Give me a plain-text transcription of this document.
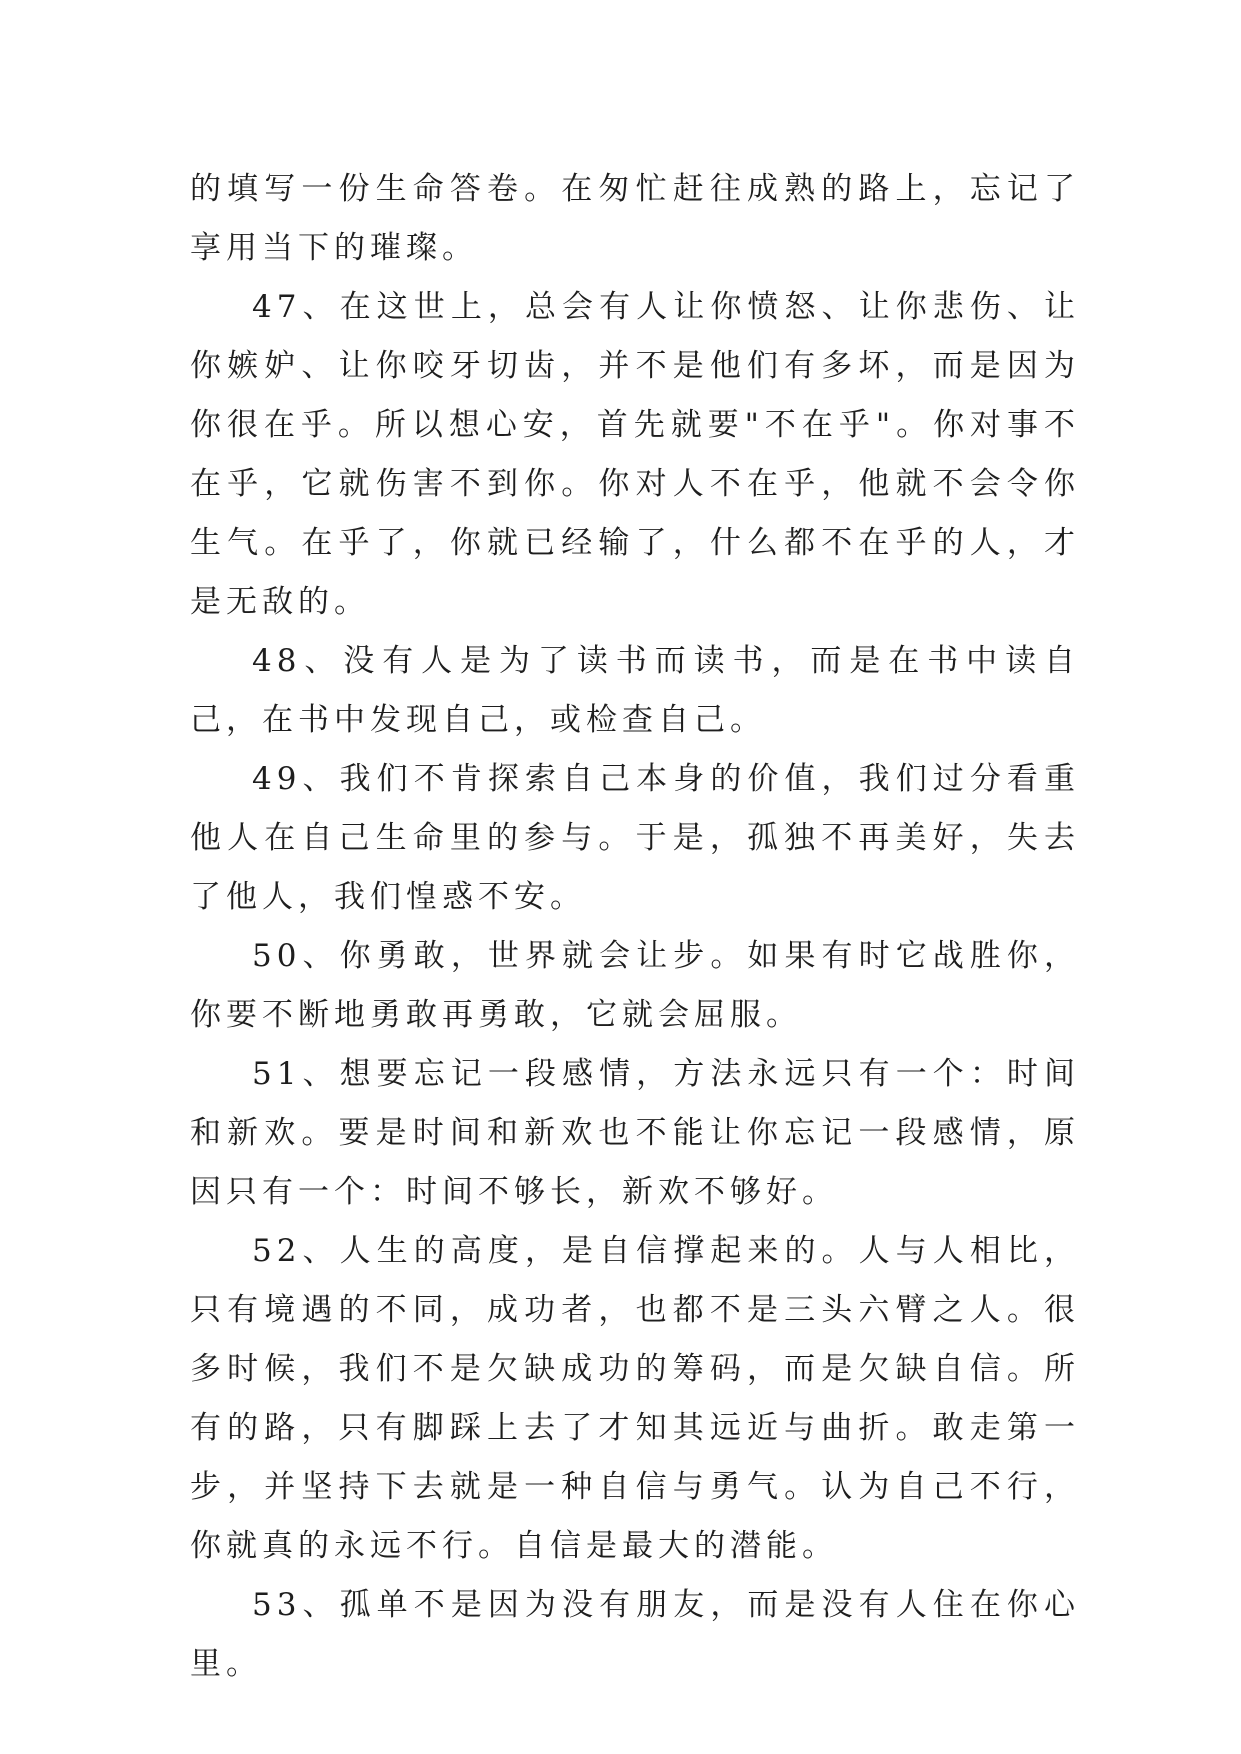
的填写一份生命答卷。在匆忙赶往成熟的路上，忘记了享用当下的璀璨。

47、在这世上，总会有人让你愤怒、让你悲伤、让你嫉妒、让你咬牙切齿，并不是他们有多坏，而是因为你很在乎。所以想心安，首先就要"不在乎"。你对事不在乎，它就伤害不到你。你对人不在乎，他就不会令你生气。在乎了，你就已经输了，什么都不在乎的人，才是无敌的。

48、没有人是为了读书而读书，而是在书中读自己，在书中发现自己，或检查自己。

49、我们不肯探索自己本身的价值，我们过分看重他人在自己生命里的参与。于是，孤独不再美好，失去了他人，我们惶惑不安。

50、你勇敢，世界就会让步。如果有时它战胜你，你要不断地勇敢再勇敢，它就会屈服。

51、想要忘记一段感情，方法永远只有一个：时间和新欢。要是时间和新欢也不能让你忘记一段感情，原因只有一个：时间不够长，新欢不够好。

52、人生的高度，是自信撑起来的。人与人相比，只有境遇的不同，成功者，也都不是三头六臂之人。很多时候，我们不是欠缺成功的筹码，而是欠缺自信。所有的路，只有脚踩上去了才知其远近与曲折。敢走第一步，并坚持下去就是一种自信与勇气。认为自己不行，你就真的永远不行。自信是最大的潜能。

53、孤单不是因为没有朋友，而是没有人住在你心里。
